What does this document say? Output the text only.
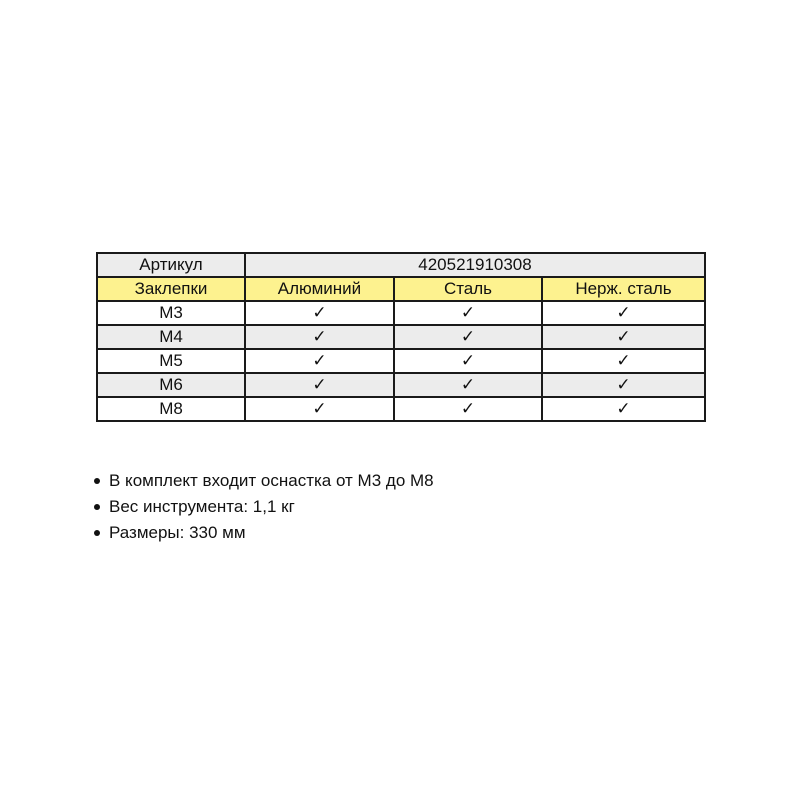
Артикул	420521910308		
Заклепки	Алюминий	Сталь	Нерж. сталь
М3	✓	✓	✓
М4	✓	✓	✓
М5	✓	✓	✓
М6	✓	✓	✓
М8	✓	✓	✓
В комплект входит оснастка от М3 до М8
Вес инструмента: 1,1 кг
Размеры: 330 мм
